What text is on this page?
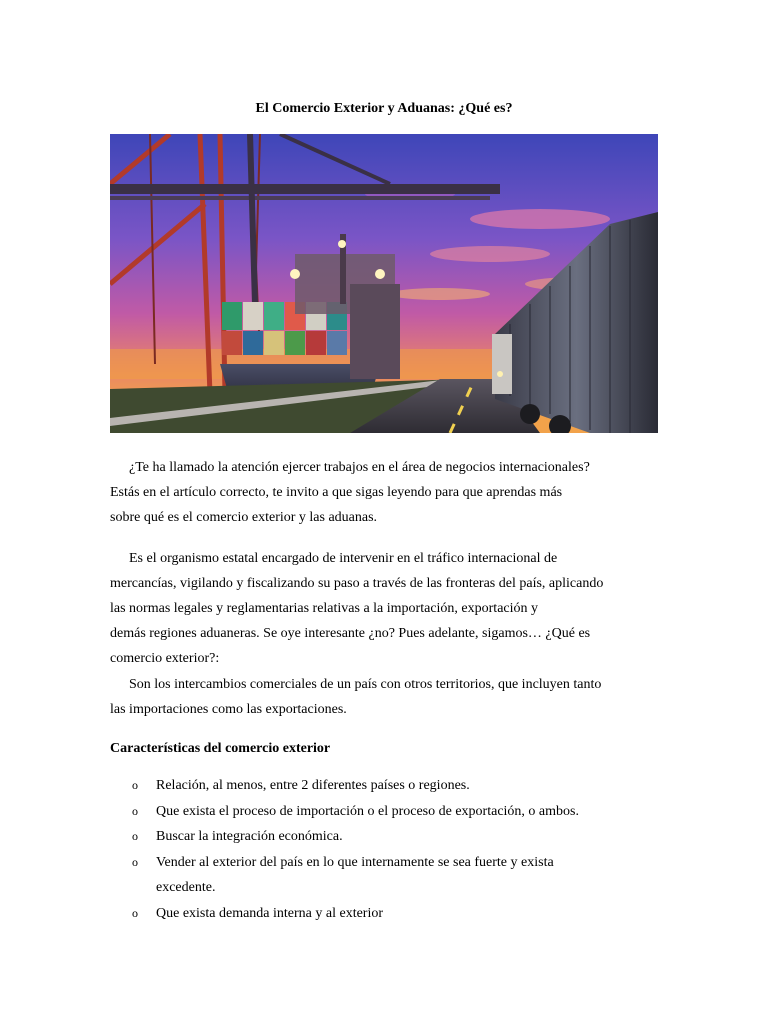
El Comercio Exterior y Aduanas: ¿Qué es?
¿Te ha llamado la atención ejercer trabajos en el área de negocios internacionales?
Estás en el artículo correcto, te invito a que sigas leyendo para que aprendas más
sobre qué es el comercio exterior y las aduanas.
Es el organismo estatal encargado de intervenir en el tráfico internacional de
mercancías, vigilando y fiscalizando su paso a través de las fronteras del país, aplicando
las normas legales y reglamentarias relativas a la importación, exportación y
demás regiones aduaneras. Se oye interesante ¿no? Pues adelante, sigamos… ¿Qué es
comercio exterior?:
Son los intercambios comerciales de un país con otros territorios, que incluyen tanto
las importaciones como las exportaciones.
Características del comercio exterior
o Relación, al menos, entre 2 diferentes países o regiones.
o Que exista el proceso de importación o el proceso de exportación, o ambos.
o Buscar la integración económica.
o Vender al exterior del país en lo que internamente se sea fuerte y exista
excedente.
o Que exista demanda interna y al exterior
